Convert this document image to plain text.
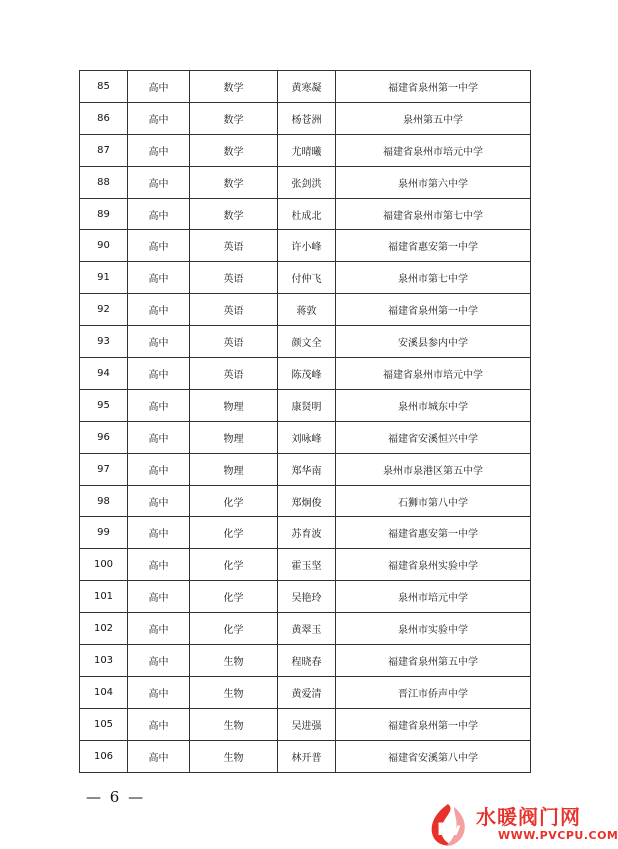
85	高中	数学	黄寒凝	福建省泉州第一中学
86	高中	数学	杨苍洲	泉州第五中学
87	高中	数学	尤晴曦	福建省泉州市培元中学
88	高中	数学	张剑洪	泉州市第六中学
89	高中	数学	杜成北	福建省泉州市第七中学
90	高中	英语	许小峰	福建省惠安第一中学
91	高中	英语	付仲飞	泉州市第七中学
92	高中	英语	蒋敦	福建省泉州第一中学
93	高中	英语	颜文全	安溪县参内中学
94	高中	英语	陈茂峰	福建省泉州市培元中学
95	高中	物理	康贤明	泉州市城东中学
96	高中	物理	刘咏峰	福建省安溪恒兴中学
97	高中	物理	郑华南	泉州市泉港区第五中学
98	高中	化学	郑炯俊	石狮市第八中学
99	高中	化学	苏育波	福建省惠安第一中学
100	高中	化学	霍玉坚	福建省泉州实验中学
101	高中	化学	吴艳玲	泉州市培元中学
102	高中	化学	黄翠玉	泉州市实验中学
103	高中	生物	程晓春	福建省泉州第五中学
104	高中	生物	黄爱清	晋江市侨声中学
105	高中	生物	吴进强	福建省泉州第一中学
106	高中	生物	林开普	福建省安溪第八中学
— 6 —
Pv
水暖阀门网
WWW.PVCPU.COM
